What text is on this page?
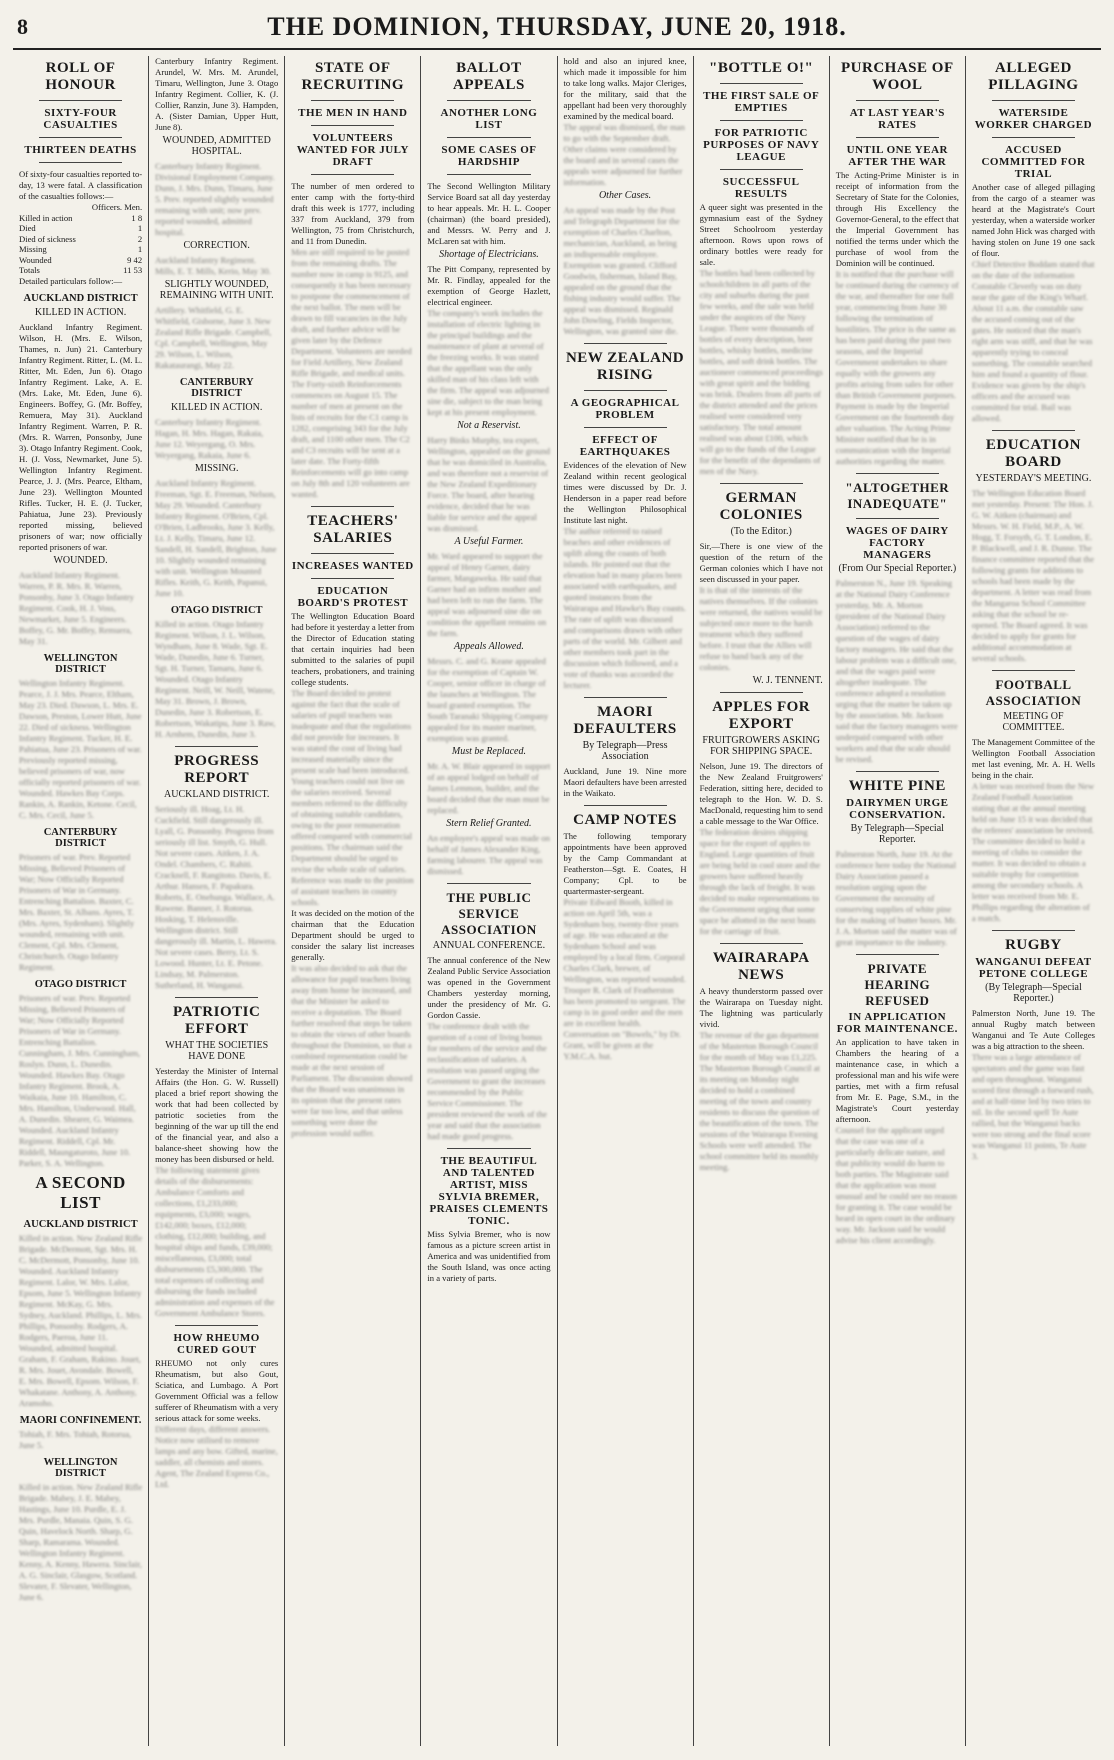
8	THE DOMINION, THURSDAY, JUNE 20, 1918.
ROLL OF HONOUR
SIXTY-FOUR CASUALTIES
THIRTEEN DEATHS

Of sixty-four casualties reported to-day, 13 were fatal. A classification of the casualties follows:—

Officers. Men.
Killed in action	1 8
Died	1
Died of sickness	2
Missing	1
Wounded	9 42
Totals	11 53

Detailed particulars follow:—

AUCKLAND DISTRICT
KILLED IN ACTION.
Auckland Infantry Regiment. Wilson, H. (Mrs. E. Wilson, Thames, n. Jun) 21. Canterbury Infantry Regiment. Ritter, L. (M. L. Ritter, Mt. Eden, Jun 6). Otago Infantry Regiment. Lake, A. E. (Mrs. Lake, Mt. Eden, June 6). Engineers. Boffey, G. (Mr. Boffey, Remuera, May 31). Auckland Infantry Regiment. Warren, P. R. (Mrs. R. Warren, Ponsonby, June 3). Otago Infantry Regiment. Cook, H. (J. Voss, Newmarket, June 5). Wellington Infantry Regiment. Pearce, J. J. (Mrs. Pearce, Eltham, June 23). Wellington Mounted Rifles. Tucker, H. E. (J. Tucker, Pahiatua, June 23). Previously reported missing, believed prisoners of war; now officially reported prisoners of war.
WOUNDED.
Auckland Infantry Regiment. Warren, P. R. Mrs. R. Warren, Ponsonby, June 3. Otago Infantry Regiment. Cook, H. J. Voss, Newmarket, June 5. Engineers. Boffey, G. Mr. Boffey, Remuera, May 31.
WELLINGTON DISTRICT
Wellington Infantry Regiment. Pearce, J. J. Mrs. Pearce, Eltham, May 23. Died. Dawson, L. Mrs. E. Dawson, Preston, Lower Hutt, June 22. Died of sickness. Wellington Infantry Regiment. Tucker, H. E. Pahiatua, June 23. Prisoners of war. Previously reported missing, believed prisoners of war, now officially reported prisoners of war. Wounded. Hawkes Bay Corps. Rankin, A. Rankin, Ketone. Cecil, C. Mrs. Cecil, June 5.
CANTERBURY DISTRICT
Prisoners of war. Prev. Reported Missing, Believed Prisoners of War; Now Officially Reported Prisoners of War in Germany. Entrenching Battalion. Baxter, C. Mrs. Baxter, St. Albans. Ayres, T. (Mrs. Ayres, Sydenham). Slightly wounded, remaining with unit. Clement, Cpl. Mrs. Clement, Christchurch. Otago Infantry Regiment.
OTAGO DISTRICT
Prisoners of war. Prev. Reported Missing, Believed Prisoners of War; Now Officially Reported Prisoners of War in Germany. Entrenching Battalion. Cunningham, J. Mrs. Cunningham, Roslyn. Dunn, L. Dunedin. Wounded. Hawkes Bay. Otago Infantry Regiment. Brook, A. Waikaia, June 10. Hamilton, C. Mrs. Hamilton, Underwood. Hall, A. Dunedin. Shearer, G. Waimea. Wounded. Auckland Infantry Regiment. Riddell, Cpl. Mr. Riddell, Maungaturoto, June 10. Parker, S. A. Wellington.
A SECOND LIST
AUCKLAND DISTRICT
Killed in action. New Zealand Rifle Brigade. McDermott, Sgt. Mrs. H. C. McDermott, Ponsonby, June 10. Wounded. Auckland Infantry Regiment. Lalor, W. Mrs. Lalor, Epsom, June 5. Wellington Infantry Regiment. McKay, G. Mrs. Sydney, Auckland. Phillips, L. Mrs. Phillips, Ponsonby. Rodgers, A. Rodgers, Paeroa, June 11. Wounded, admitted hospital. Graham, F. Graham, Rakino. Jouet, R. Mrs. Jouet, Avondale. Bowell, E. Mrs. Bowell, Epsom. Wilson, F. Whakatane. Anthony, A. Anthony, Aramoho.
MAORI CONFINEMENT.
Tohiah, F. Mrs. Tohiah, Rotorua, June 5.
WELLINGTON DISTRICT
Killed in action. New Zealand Rifle Brigade. Mabey, J. E. Mabey, Hastings, June 10. Purdle, E. J. Mrs. Purdle, Manaia. Quin, S. G. Quin, Havelock North. Sharp, G. Sharp, Ramarama. Wounded. Wellington Infantry Regiment. Kenny, A. Kenny, Hawera. Sinclair, A. G. Sinclair, Glasgow, Scotland. Slevater, F. Slevater, Wellington, June 6.
Canterbury Infantry Regiment. Arundel, W. Mrs. M. Arundel, Timaru, Wellington, June 3. Otago Infantry Regiment. Collier, K. (J. Collier, Ranzin, June 3). Hampden, A. (Sister Damian, Upper Hutt, June 8).
WOUNDED, ADMITTED HOSPITAL.
Canterbury Infantry Regiment. Divisional Employment Company. Dunn, J. Mrs. Dunn, Timaru, June 5. Prev. reported slightly wounded remaining with unit; now prev. reported wounded, admitted hospital.
CORRECTION.
Auckland Infantry Regiment. Mills, E. T. Mills, Kerio, May 30.
SLIGHTLY WOUNDED, REMAINING WITH UNIT.
Artillery. Whitfield, G. E. Whitfield, Gisborne, June 3. New Zealand Rifle Brigade. Campbell, Cpl. Campbell, Wellington, May 29. Wilson, L. Wilson, Rakataurangi, May 22.
CANTERBURY DISTRICT
KILLED IN ACTION.
Canterbury Infantry Regiment. Hagan, H. Mrs. Hagan, Rakaia, June 12. Weyergang, O. Mrs. Weyergang, Rakaia, June 6.
MISSING.
Auckland Infantry Regiment. Freeman, Sgt. E. Freeman, Nelson, May 29. Wounded. Canterbury Infantry Regiment. O'Brien, Cpl. O'Brien, Ladbrooks, June 3. Kelly, Lt. J. Kelly, Timaru, June 12. Sandell, H. Sandell, Brighton, June 10. Slightly wounded remaining with unit. Wellington Mounted Rifles. Keith, G. Keith, Papanui, June 10.
OTAGO DISTRICT
Killed in action. Otago Infantry Regiment. Wilson, J. L. Wilson, Wyndham, June 8. Wade, Sgt. E. Wade, Dunedin, June 6. Turner, Sgt. H. Turner, Tamaru, June 6. Wounded. Otago Infantry Regiment. Neill, W. Neill, Watene, May 31. Brown, J. Brown, Dunedin, June 3. Robertson, E. Robertson, Wakatipu, June 3. Raw, H. Arnhem, Dunedin, June 3.
PROGRESS REPORT
AUCKLAND DISTRICT.
Seriously ill. Hoag, Lt. H. Cuckfield. Still dangerously ill. Lyall, G. Ponsonby. Progress from seriously ill list. Smyth, G. Hull. Not severe cases. Aitken, J. A. Ondel. Chambers, C. Rahiti. Cracknell, F. Rangitoto. Davis, E. Arthur. Hansen, F. Papakura. Roberts, E. Onehunga. Wallace, A. Rawene. Banner, J. Rotorua. Hosking, T. Helensville. Wellington district. Still dangerously ill. Martin, L. Hawera. Not severe cases. Berry, Lt. S. Lowood. Hunter, Lt. E. Petone. Lindsay, M. Palmerston. Sutherland, H. Wanganui.
PATRIOTIC EFFORT
WHAT THE SOCIETIES HAVE DONE
Yesterday the Minister of Internal Affairs (the Hon. G. W. Russell) placed a brief report showing the work that had been collected by patriotic societies from the beginning of the war up till the end of the financial year, and also a balance-sheet showing how the money has been disbursed or held.
The following statement gives details of the disbursements: Ambulance Comforts and collections, £1,233,000; equipments, £3,000; wages, £142,000; boxes, £12,000; clothing, £12,000; building, and hospital ships and funds, £39,000; miscellaneous, £3,000; total disbursements £5,300,000. The total expenses of collecting and disbursing the funds included administration and expenses of the Government Ambulance Stores.
HOW RHEUMO CURED GOUT
RHEUMO not only cures Rheumatism, but also Gout, Sciatica, and Lumbago. A Port Government Official was a fellow sufferer of Rheumatism with a very serious attack for some weeks.
Different days, different answers. Notice now utilised to remove lamps and any bow. Gifted, marine, saddler, all chemists and stores. Agent, The Zealand Express Co., Ltd.
STATE OF RECRUITING
THE MEN IN HAND
VOLUNTEERS WANTED FOR JULY DRAFT
The number of men ordered to enter camp with the forty-third draft this week is 1777, including 337 from Auckland, 379 from Wellington, 75 from Christchurch, and 11 from Dunedin.
Men are still required to be posted from the remaining drafts. The number now in camp is 9125, and consequently it has been necessary to postpone the commencement of the next ballot. The men will be drawn to fill vacancies in the July draft, and further advice will be given later by the Defence Department. Volunteers are needed for Field Artillery, New Zealand Rifle Brigade, and medical units. The Forty-sixth Reinforcements commences on August 15. The number of men at present on the lists of recruits for the C1 camp is 1282, comprising 343 for the July draft, and 1100 other men. The C2 and C3 recruits will be sent at a later date. The Forty-fifth Reinforcements will go into camp on July 8th and 120 volunteers are wanted.
TEACHERS' SALARIES
INCREASES WANTED
EDUCATION BOARD'S PROTEST
The Wellington Education Board had before it yesterday a letter from the Director of Education stating that certain inquiries had been submitted to the salaries of pupil teachers, probationers, and training college students.
The Board decided to protest against the fact that the scale of salaries of pupil teachers was inadequate and that the regulations did not provide for increases. It was stated the cost of living had increased materially since the present scale had been introduced. Young teachers could not live on the salaries received. Several members referred to the difficulty of obtaining suitable candidates, owing to the poor remuneration offered compared with commercial positions. The chairman said the Department should be urged to revise the whole scale of salaries. Reference was made to the position of assistant teachers in country schools.
It was decided on the motion of the chairman that the Education Department should be urged to consider the salary list increases generally.
It was also decided to ask that the allowance for pupil teachers living away from home be increased, and that the Minister be asked to receive a deputation. The Board further resolved that steps be taken to obtain the views of other boards throughout the Dominion, so that a combined representation could be made at the next session of Parliament. The discussion showed that the Board was unanimous in its opinion that the present rates were far too low, and that unless something were done the profession would suffer.
BALLOT APPEALS
ANOTHER LONG LIST
SOME CASES OF HARDSHIP
The Second Wellington Military Service Board sat all day yesterday to hear appeals. Mr. H. L. Cooper (chairman) (the board presided), and Messrs. W. Perry and J. McLaren sat with him.
Shortage of Electricians.
The Pitt Company, represented by Mr. R. Findlay, appealed for the exemption of George Hazlett, electrical engineer.
The company's work includes the installation of electric lighting in the principal buildings and the maintenance of plant at several of the freezing works. It was stated that the appellant was the only skilled man of his class left with the firm. The appeal was adjourned sine die, subject to the man being kept at his present employment.
Not a Reservist.
Harry Binks Murphy, tea expert, Wellington, appealed on the ground that he was domiciled in Australia, and was therefore not a reservist of the New Zealand Expeditionary Force. The board, after hearing evidence, decided that he was liable for service and the appeal was dismissed.
A Useful Farmer.
Mr. Ward appeared to support the appeal of Henry Garner, dairy farmer, Mangaweka. He said that Garner had an infirm mother and had been left to run the farm. The appeal was adjourned sine die on condition the appellant remains on the farm.
Appeals Allowed.
Messrs. C. and G. Keane appealed for the exemption of Captain W. Cooper, senior officer in charge of the launches at Wellington. The board granted exemption. The South Taranaki Shipping Company appealed for its master mariner, exemption was granted.
Must be Replaced.
Mr. A. W. Blair appeared in support of an appeal lodged on behalf of James Lemmon, builder, and the board decided that the man must be replaced.
Stern Relief Granted.
An employee's appeal was made on behalf of James Alexander King, farming labourer. The appeal was dismissed.
THE PUBLIC SERVICE ASSOCIATION
ANNUAL CONFERENCE.
The annual conference of the New Zealand Public Service Association was opened in the Government Chambers yesterday morning, under the presidency of Mr. G. Gordon Cassie.
The conference dealt with the question of a cost of living bonus for members of the service and the reclassification of salaries. A resolution was passed urging the Government to grant the increases recommended by the Public Service Commissioner. The president reviewed the work of the year and said that the association had made good progress.
THE BEAUTIFUL AND TALENTED ARTIST, MISS SYLVIA BREMER, PRAISES CLEMENTS TONIC.
Miss Sylvia Bremer, who is now famous as a picture screen artist in America and was unidentified from the South Island, was once acting in a variety of parts.
hold and also an injured knee, which made it impossible for him to take long walks. Major Cleriges, for the military, said that the appellant had been very thoroughly examined by the medical board.
The appeal was dismissed, the man to go with the September draft. Other claims were considered by the board and in several cases the appeals were adjourned for further information.
Other Cases.
An appeal was made by the Post and Telegraph Department for the exemption of Charles Charlton, mechanician, Auckland, as being an indispensable employee. Exemption was granted. Clifford Goodwin, fisherman, Island Bay, appealed on the ground that the fishing industry would suffer. The appeal was dismissed. Reginald John Dowling, Fields Inspector, Wellington, was granted sine die.
NEW ZEALAND RISING
A GEOGRAPHICAL PROBLEM
EFFECT OF EARTHQUAKES
Evidences of the elevation of New Zealand within recent geological times were discussed by Dr. J. Henderson in a paper read before the Wellington Philosophical Institute last night.
The author referred to raised beaches and other evidences of uplift along the coasts of both islands. He pointed out that the elevation had in many places been associated with earthquakes, and quoted instances from the Wairarapa and Hawke's Bay coasts. The rate of uplift was discussed and comparisons drawn with other parts of the world. Mr. Gilbert and other members took part in the discussion which followed, and a vote of thanks was accorded the lecturer.
MAORI DEFAULTERS
By Telegraph—Press Association
Auckland, June 19. Nine more Maori defaulters have been arrested in the Waikato.
CAMP NOTES
The following temporary appointments have been approved by the Camp Commandant at Featherston—Sgt. E. Coates, H Company; Cpl. to be quartermaster-sergeant.
Private Edward Booth, killed in action on April 5th, was a Sydenham boy, twenty-five years of age. He was educated at the Sydenham School and was employed by a local firm. Corporal Charles Clark, brewer, of Wellington, was reported wounded. Trooper R. Clark of Featherston has been promoted to sergeant. The camp is in good order and the men are in excellent health. Conversation on "Bowels," by Dr. Grant, will be given at the Y.M.C.A. hut.
"BOTTLE O!"
THE FIRST SALE OF EMPTIES
FOR PATRIOTIC PURPOSES OF NAVY LEAGUE
SUCCESSFUL RESULTS
A queer sight was presented in the gymnasium east of the Sydney Street Schoolroom yesterday afternoon. Rows upon rows of ordinary bottles were ready for sale.
The bottles had been collected by schoolchildren in all parts of the city and suburbs during the past few weeks, and the sale was held under the auspices of the Navy League. There were thousands of bottles of every description, beer bottles, whisky bottles, medicine bottles, and soft drink bottles. The auctioneer commenced proceedings with great spirit and the bidding was brisk. Dealers from all parts of the district attended and the prices realised were considered very satisfactory. The total amount realised was about £100, which will go to the funds of the League for the benefit of the dependants of men of the Navy.
GERMAN COLONIES
(To the Editor.)
Sir,—There is one view of the question of the return of the German colonies which I have not seen discussed in your paper.
It is that of the interests of the natives themselves. If the colonies were returned, the natives would be subjected once more to the harsh treatment which they suffered before. I trust that the Allies will refuse to hand back any of the colonies.
W. J. TENNENT.
APPLES FOR EXPORT
FRUITGROWERS ASKING FOR SHIPPING SPACE.
Nelson, June 19. The directors of the New Zealand Fruitgrowers' Federation, sitting here, decided to telegraph to the Hon. W. D. S. MacDonald, requesting him to send a cable message to the War Office.
The federation desires shipping space for the export of apples to England. Large quantities of fruit are being held in cool store and the growers have suffered heavily through the lack of freight. It was decided to make representations to the Government urging that some space be allotted in the next boats for the carriage of fruit.
WAIRARAPA NEWS
A heavy thunderstorm passed over the Wairarapa on Tuesday night. The lightning was particularly vivid.
The revenue of the gas department of the Masterton Borough Council for the month of May was £1,225. The Masterton Borough Council at its meeting on Monday night decided to hold a combined meeting of the town and country residents to discuss the question of the beautification of the town. The sessions of the Wairarapa Evening Schools were well attended. The school committee held its monthly meeting.
PURCHASE OF WOOL
AT LAST YEAR'S RATES
UNTIL ONE YEAR AFTER THE WAR
The Acting-Prime Minister is in receipt of information from the Secretary of State for the Colonies, through His Excellency the Governor-General, to the effect that the Imperial Government has notified the terms under which the purchase of wool from the Dominion will be continued.
It is notified that the purchase will be continued during the currency of the war, and thereafter for one full year, commencing from June 30 following the termination of hostilities. The price is the same as has been paid during the past two seasons, and the Imperial Government undertakes to share equally with the growers any profits arising from sales for other than British Government purposes. Payment is made by the Imperial Government on the fourteenth day after valuation. The Acting Prime Minister notified that he is in communication with the Imperial authorities regarding the matter.
"ALTOGETHER INADEQUATE"
WAGES OF DAIRY FACTORY MANAGERS
(From Our Special Reporter.)
Palmerston N., June 19. Speaking at the National Dairy Conference yesterday, Mr. A. Morton (president of the National Dairy Association) referred to the question of the wages of dairy factory managers. He said that the labour problem was a difficult one, and that the wages paid were altogether inadequate. The conference adopted a resolution urging that the matter be taken up by the association. Mr. Jackson said that the factory managers were underpaid compared with other workers and that the scale should be revised.
WHITE PINE
DAIRYMEN URGE CONSERVATION.
By Telegraph—Special Reporter.
Palmerston North, June 19. At the conference here today the National Dairy Association passed a resolution urging upon the Government the necessity of conserving supplies of white pine for the making of butter boxes. Mr. J. A. Morton said the matter was of great importance to the industry.
PRIVATE HEARING REFUSED
IN APPLICATION FOR MAINTENANCE.
An application to have taken in Chambers the hearing of a maintenance case, in which a professional man and his wife were parties, met with a firm refusal from Mr. E. Page, S.M., in the Magistrate's Court yesterday afternoon.
Counsel for the applicant urged that the case was one of a particularly delicate nature, and that publicity would do harm to both parties. The Magistrate said that the application was most unusual and he could see no reason for granting it. The case would be heard in open court in the ordinary way. Mr. Jackson said he would advise his client accordingly.
ALLEGED PILLAGING
WATERSIDE WORKER CHARGED
ACCUSED COMMITTED FOR TRIAL
Another case of alleged pillaging from the cargo of a steamer was heard at the Magistrate's Court yesterday, when a waterside worker named John Hick was charged with having stolen on June 19 one sack of flour.
Chief Detective Boddam stated that on the date of the information Constable Cleverly was on duty near the gate of the King's Wharf. About 11 a.m. the constable saw the accused coming out of the gates. He noticed that the man's right arm was stiff, and that he was apparently trying to conceal something. The constable searched him and found a quantity of flour. Evidence was given by the ship's officers and the accused was committed for trial. Bail was allowed.
EDUCATION BOARD
YESTERDAY'S MEETING.
The Wellington Education Board met yesterday. Present: The Hon. J. G. W. Aitken (chairman) and Messrs. W. H. Field, M.P., A. W. Hogg, T. Forsyth, G. T. London, E. P. Blackwell, and J. R. Dunne. The finance committee reported that the following grants for additions to schools had been made by the department. A letter was read from the Mangaroa School Committee asking that the school be re-opened. The Board agreed. It was decided to apply for grants for additional accommodation at several schools.
FOOTBALL ASSOCIATION
MEETING OF COMMITTEE.
The Management Committee of the Wellington Football Association met last evening, Mr. A. H. Wells being in the chair.
A letter was received from the New Zealand Football Association stating that at the annual meeting held on June 15 it was decided that the referees' association be revived. The committee decided to hold a meeting of clubs to consider the matter. It was decided to obtain a suitable trophy for competition among the secondary schools. A letter was received from Mr. E. Phillips regarding the alteration of a match.
RUGBY
WANGANUI DEFEAT PETONE COLLEGE
(By Telegraph—Special Reporter.)
Palmerston North, June 19. The annual Rugby match between Wanganui and Te Aute Colleges was a big attraction to the sheen.
There was a large attendance of spectators and the game was fast and open throughout. Wanganui scored first through a forward rush, and at half-time led by two tries to nil. In the second spell Te Aute rallied, but the Wanganui backs were too strong and the final score was Wanganui 11 points, Te Aute 3.
